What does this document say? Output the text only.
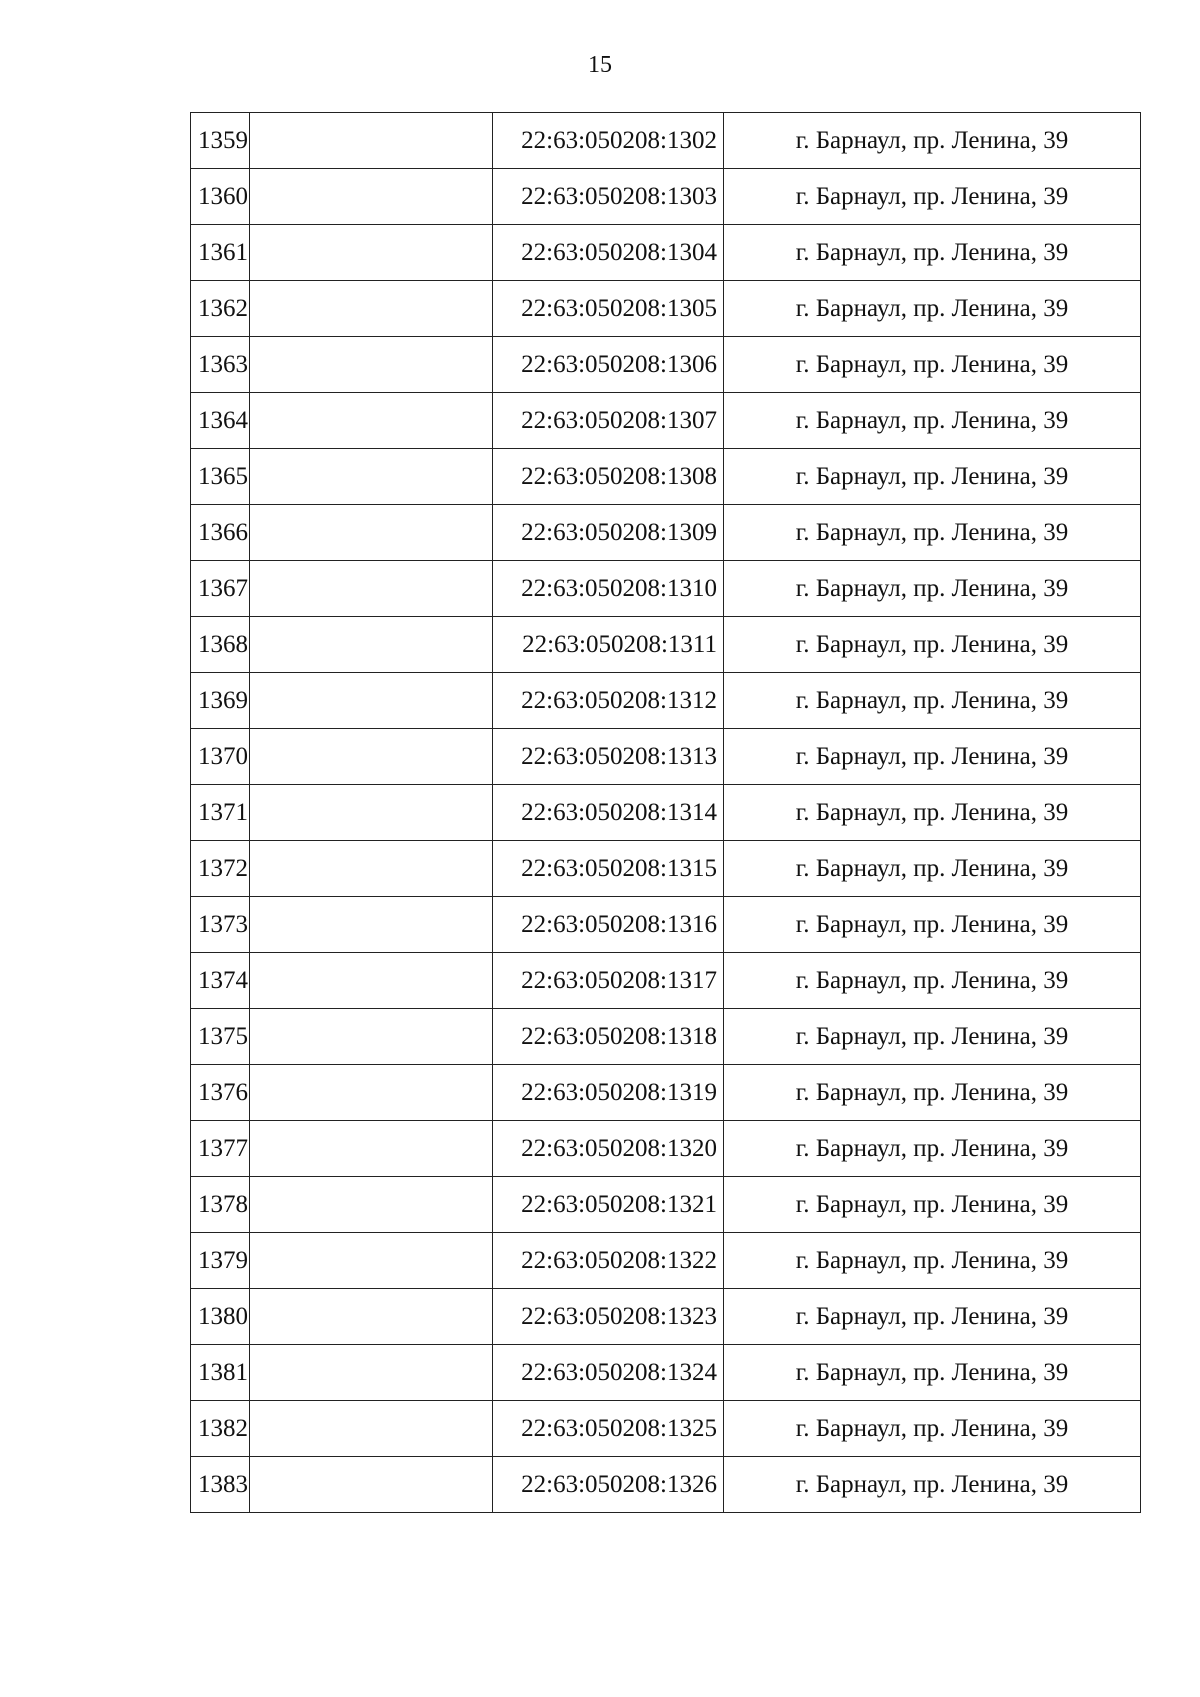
15
1359		22:63:050208:1302	г. Барнаул, пр. Ленина, 39
1360		22:63:050208:1303	г. Барнаул, пр. Ленина, 39
1361		22:63:050208:1304	г. Барнаул, пр. Ленина, 39
1362		22:63:050208:1305	г. Барнаул, пр. Ленина, 39
1363		22:63:050208:1306	г. Барнаул, пр. Ленина, 39
1364		22:63:050208:1307	г. Барнаул, пр. Ленина, 39
1365		22:63:050208:1308	г. Барнаул, пр. Ленина, 39
1366		22:63:050208:1309	г. Барнаул, пр. Ленина, 39
1367		22:63:050208:1310	г. Барнаул, пр. Ленина, 39
1368		22:63:050208:1311	г. Барнаул, пр. Ленина, 39
1369		22:63:050208:1312	г. Барнаул, пр. Ленина, 39
1370		22:63:050208:1313	г. Барнаул, пр. Ленина, 39
1371		22:63:050208:1314	г. Барнаул, пр. Ленина, 39
1372		22:63:050208:1315	г. Барнаул, пр. Ленина, 39
1373		22:63:050208:1316	г. Барнаул, пр. Ленина, 39
1374		22:63:050208:1317	г. Барнаул, пр. Ленина, 39
1375		22:63:050208:1318	г. Барнаул, пр. Ленина, 39
1376		22:63:050208:1319	г. Барнаул, пр. Ленина, 39
1377		22:63:050208:1320	г. Барнаул, пр. Ленина, 39
1378		22:63:050208:1321	г. Барнаул, пр. Ленина, 39
1379		22:63:050208:1322	г. Барнаул, пр. Ленина, 39
1380		22:63:050208:1323	г. Барнаул, пр. Ленина, 39
1381		22:63:050208:1324	г. Барнаул, пр. Ленина, 39
1382		22:63:050208:1325	г. Барнаул, пр. Ленина, 39
1383		22:63:050208:1326	г. Барнаул, пр. Ленина, 39
